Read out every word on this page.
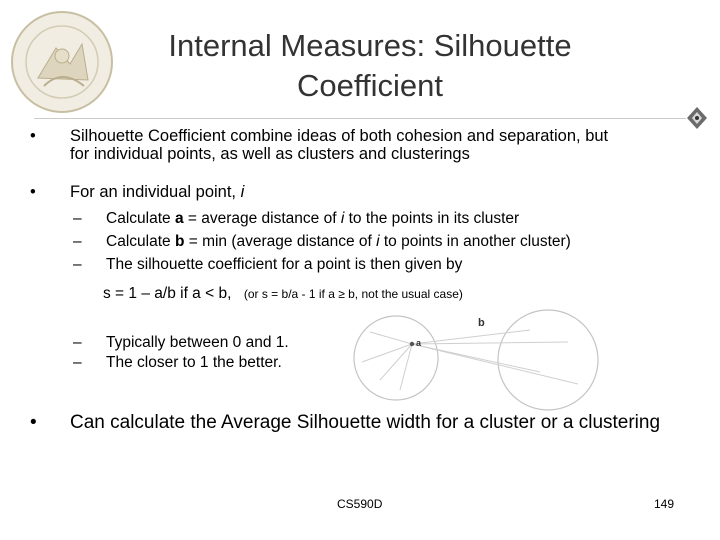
Internal Measures: Silhouette
Coefficient
• Silhouette Coefficient combine ideas of both cohesion and separation, but for individual points, as well as clusters and clusterings
• For an individual point, i
– Calculate a = average distance of i to the points in its cluster
– Calculate b = min (average distance of i to points in another cluster)
– The silhouette coefficient for a point is then given by
s = 1 – a/b if a < b, (or s = b/a - 1 if a ≥ b, not the usual case)
– Typically between 0 and 1.
– The closer to 1 the better.
a
b
• Can calculate the Average Silhouette width for a cluster or a clustering
CS590D	149
